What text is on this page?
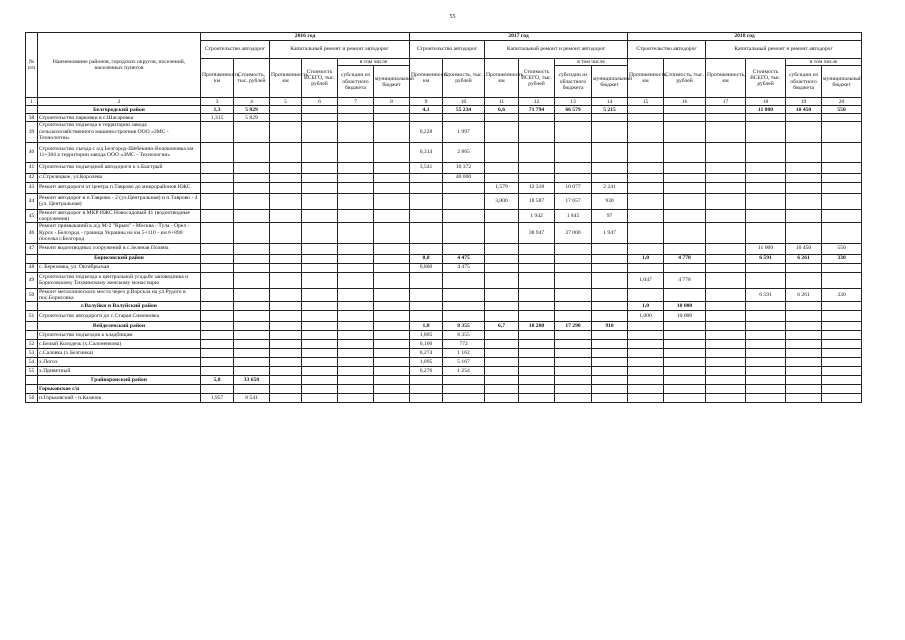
55
№ п/п	Наименование районов, городских округов, поселений, населенных пунктов	2016 год						2017 год						2018 год					
		Строительство автодорог		Капитальный ремонт и ремонт автодорог				Строительство автодорог		Капитальный ремонт и ремонт автодорог				Строительство автодорог		Капитальный ремонт и ремонт автодорог			
		Протяженность, км	Стоимость, тыс. рублей	Протяженность, км	Стоимость ВСЕГО, тыс. рублей	в том числе		Протяженность, км	Стоимость, тыс. рублей	Протяженность, км	Стоимость ВСЕГО, тыс. рублей	в том числе		Протяженность, км	Стоимость, тыс. рублей	Протяженность, км	Стоимость ВСЕГО, тыс. рублей	в том числе	
						субсидии из областного бюджета	муниципальный бюджет					субсидии из областного бюджета	муниципальный бюджет					субсидии из областного бюджета	муниципальный бюджет
1	2	3	4	5	6	7	8	9	10	11	12	13	14	15	16	17	18	19	20
	Белгородский район	1,3	5 829					4,1	55 234	6,6	71 794	66 579	5 215				11 000	10 450	550
38	Строительство парковки в с.Шагаровка	1,315	5 829																
39	Строительство подъезда к территории завода сельскохозяйственного машиностроения ООО «ЗМС - Технологии»							0,228	1 997										
40	Строительство съезда с а/д Белгород-Шебекино-Волоконовка км 11+384 к территории завода ООО «ЗМС - Технологии»							0,314	2 865										
41	Строительство подъездной автодороги к х.Быстрый							3,541	10 372										
42	с.Стрелецкое, ул.Королева								40 000										
43	Ремонт автодороги от центра п.Таврово до микрорайонов ИЖС									1,579	12 318	10 077	2 241						
44	Ремонт автодорог в п.Таврово - 2 (ул.Центральная) и п.Таврово - 4 (ул. Центральная)									3,000	18 587	17 657	930						
45	Ремонт автодорог в МКР ИЖС Новосадовый 41 (водоотводные сооружения)										1 942	1 845	97						
46	Ремонт примыканий к а/д М-2 "Крым" - Москва - Тула - Орел - Курск - Белгород - граница Украины на км 5+110 - км 6+890 поселка г.Белгород										38 947	37 000	1 947						
47	Ремонт водоотводных сооружений в с.Зеленая Поляна																11 000	10 450	550
	Борисовский район							0,8	4 475					1,0	4 778		6 591	6 261	330
48	с. Березовка, ул. Октябрьская							0,800	4 475										
49	Строительство подъезда к центральной усадьбе заповедника и Борисовскому Тихвинскому женскому монастырю													1,047	4 778				
50	Ремонт металлического моста через р.Ворскла на ул.Рудого в пос.Борисовка																6 591	6 261	330
	г.Валуйки и Валуйский район													1,0	10 000				
51	Строительство автодороги до с.Старая Симоновка													1,000	10 000				
	Вейделевский район							1,8	8 355	6,7	18 200	17 290	910						
	Строительство подъездов к кладбищам							1,805	8 355										
52	с.Белый Колодезь (х.Салоненкова)							0,160	772										
53	с.Саловка (х.Безгинка)							0,274	1 162										
54	х.Погоэ							1,095	5 167										
55	х.Приветный							0,276	1 254										
	Грайворонский район	5,8	33 658																
	Горьковское с/п																		
56	п.Горьковский - п.Казачок	1,957	8 541																
